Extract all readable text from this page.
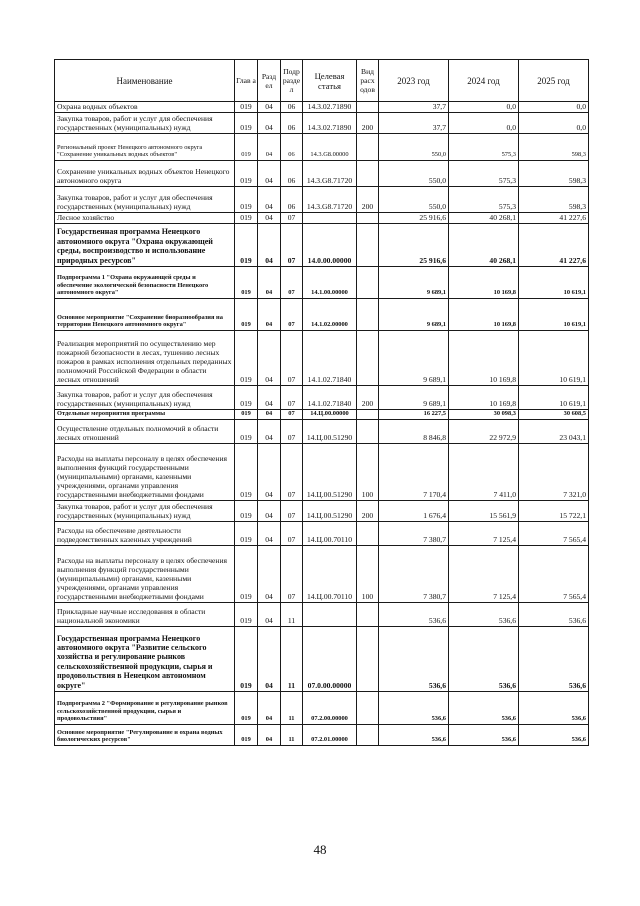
Наименование	Глав а	Разд ел	Подр разде л	Целевая статья	Вид расх одов	2023 год	2024 год	2025 год
Охрана водных объектов	019	04	06	14.3.02.71890		37,7	0,0	0,0
Закупка товаров, работ и услуг для обеспечения государственных (муниципальных) нужд	019	04	06	14.3.02.71890	200	37,7	0,0	0,0
Региональный проект Ненецкого автономного округа "Сохранение уникальных водных объектов"	019	04	06	14.3.G8.00000		550,0	575,3	598,3
Сохранение уникальных водных объектов Ненецкого автономного округа	019	04	06	14.3.G8.71720		550,0	575,3	598,3
Закупка товаров, работ и услуг для обеспечения государственных (муниципальных) нужд	019	04	06	14.3.G8.71720	200	550,0	575,3	598,3
Лесное хозяйство	019	04	07			25 916,6	40 268,1	41 227,6
Государственная программа Ненецкого автономного округа "Охрана окружающей среды, воспроизводство и использование природных ресурсов"	019	04	07	14.0.00.00000		25 916,6	40 268,1	41 227,6
Подпрограмма 1 "Охрана окружающей среды и обеспечение экологической безопасности Ненецкого автономного округа"	019	04	07	14.1.00.00000		9 689,1	10 169,8	10 619,1
Основное мероприятие "Сохранение биоразнообразия на территории Ненецкого автономного округа"	019	04	07	14.1.02.00000		9 689,1	10 169,8	10 619,1
Реализация мероприятий по осуществлению мер пожарной безопасности в лесах, тушению лесных пожаров в рамках исполнения отдельных переданных полномочий Российской Федерации в области лесных отношений	019	04	07	14.1.02.71840		9 689,1	10 169,8	10 619,1
Закупка товаров, работ и услуг для обеспечения государственных (муниципальных) нужд	019	04	07	14.1.02.71840	200	9 689,1	10 169,8	10 619,1
Отдельные мероприятия программы	019	04	07	14.Ц.00.00000		16 227,5	30 098,3	30 608,5
Осуществление отдельных полномочий в области лесных отношений	019	04	07	14.Ц.00.51290		8 846,8	22 972,9	23 043,1
Расходы на выплаты персоналу в целях обеспечения выполнения функций государственными (муниципальными) органами, казенными учреждениями, органами управления государственными внебюджетными фондами	019	04	07	14.Ц.00.51290	100	7 170,4	7 411,0	7 321,0
Закупка товаров, работ и услуг для обеспечения государственных (муниципальных) нужд	019	04	07	14.Ц.00.51290	200	1 676,4	15 561,9	15 722,1
Расходы на обеспечение деятельности подведомственных казенных учреждений	019	04	07	14.Ц.00.70110		7 380,7	7 125,4	7 565,4
Расходы на выплаты персоналу в целях обеспечения выполнения функций государственными (муниципальными) органами, казенными учреждениями, органами управления государственными внебюджетными фондами	019	04	07	14.Ц.00.70110	100	7 380,7	7 125,4	7 565,4
Прикладные научные исследования в области национальной экономики	019	04	11			536,6	536,6	536,6
Государственная программа Ненецкого автономного округа "Развитие сельского хозяйства и регулирование рынков сельскохозяйственной продукции, сырья и продовольствия в Ненецком автономном округе"	019	04	11	07.0.00.00000		536,6	536,6	536,6
Подпрограмма 2 "Формирование и регулирование рынков сельскохозяйственной продукции, сырья и продовольствия"	019	04	11	07.2.00.00000		536,6	536,6	536,6
Основное мероприятие "Регулирование и охрана водных биологических ресурсов"	019	04	11	07.2.01.00000		536,6	536,6	536,6
48
